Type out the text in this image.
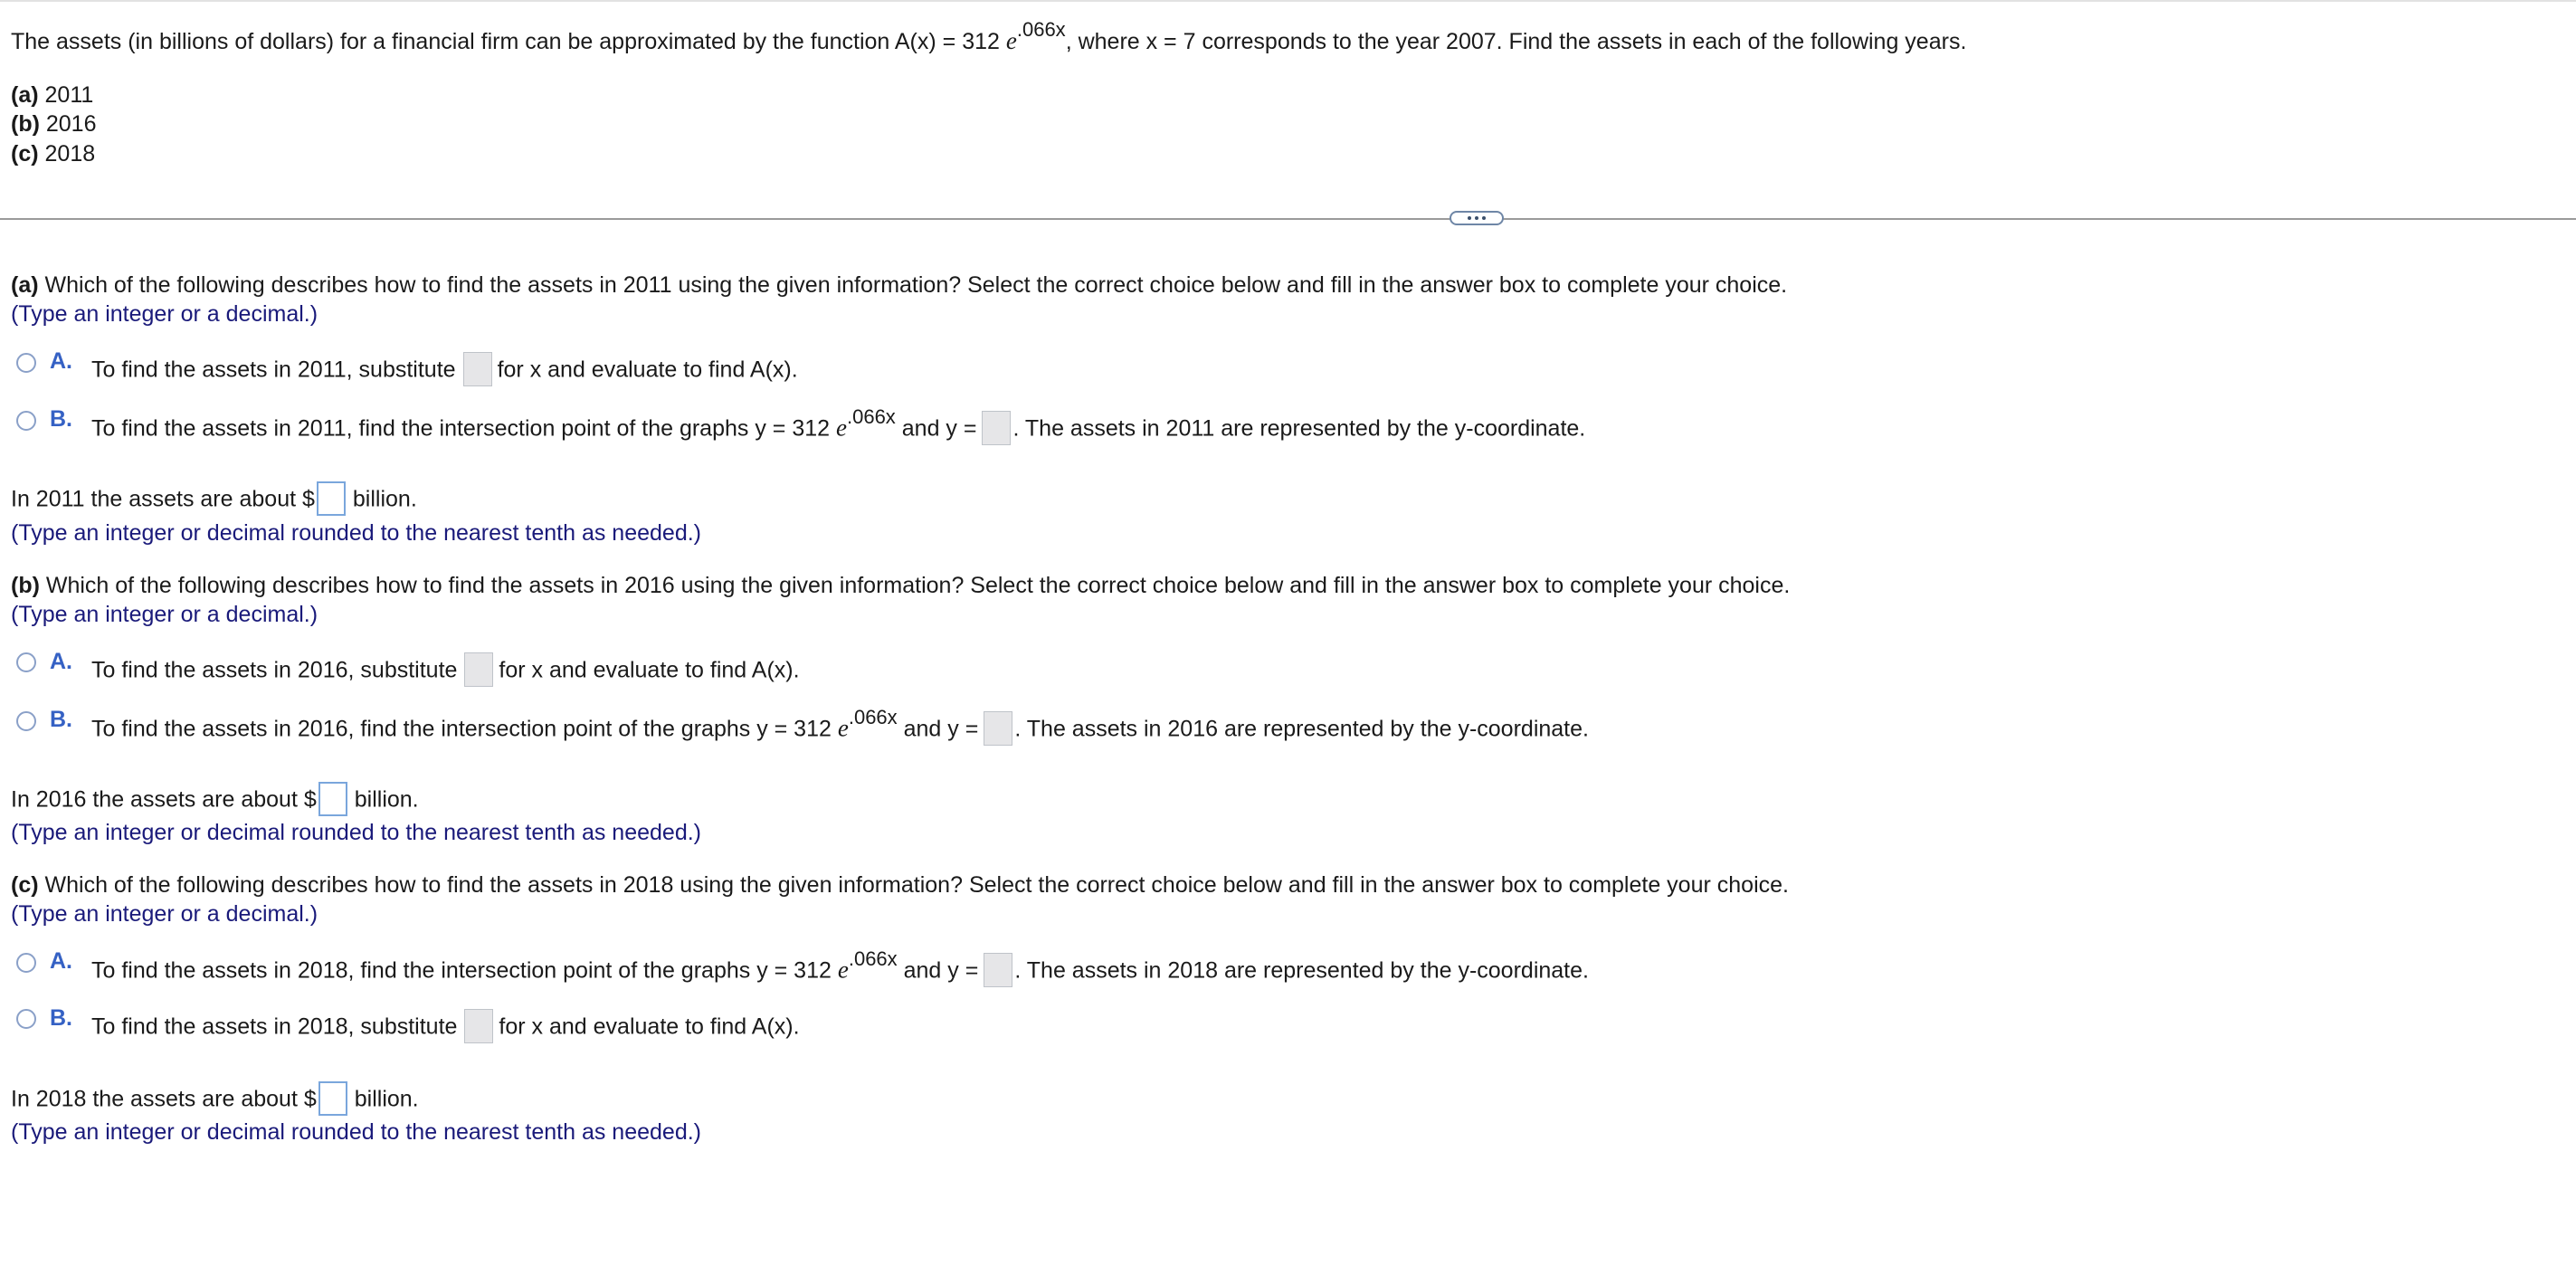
The assets (in billions of dollars) for a financial firm can be approximated by the function A(x) = 312 e.066x, where x = 7 corresponds to the year 2007. Find the assets in each of the following years.
(a) 2011
(b) 2016
(c) 2018
(a) Which of the following describes how to find the assets in 2011 using the given information? Select the correct choice below and fill in the answer box to complete your choice.
(Type an integer or a decimal.)
A. To find the assets in 2011, substitute for x and evaluate to find A(x).
B. To find the assets in 2011, find the intersection point of the graphs y = 312 e.066x and y = . The assets in 2011 are represented by the y-coordinate.
In 2011 the assets are about $ billion.
(Type an integer or decimal rounded to the nearest tenth as needed.)
(b) Which of the following describes how to find the assets in 2016 using the given information? Select the correct choice below and fill in the answer box to complete your choice.
(Type an integer or a decimal.)
A. To find the assets in 2016, substitute for x and evaluate to find A(x).
B. To find the assets in 2016, find the intersection point of the graphs y = 312 e.066x and y = . The assets in 2016 are represented by the y-coordinate.
In 2016 the assets are about $ billion.
(Type an integer or decimal rounded to the nearest tenth as needed.)
(c) Which of the following describes how to find the assets in 2018 using the given information? Select the correct choice below and fill in the answer box to complete your choice.
(Type an integer or a decimal.)
A. To find the assets in 2018, find the intersection point of the graphs y = 312 e.066x and y = . The assets in 2018 are represented by the y-coordinate.
B. To find the assets in 2018, substitute for x and evaluate to find A(x).
In 2018 the assets are about $ billion.
(Type an integer or decimal rounded to the nearest tenth as needed.)
